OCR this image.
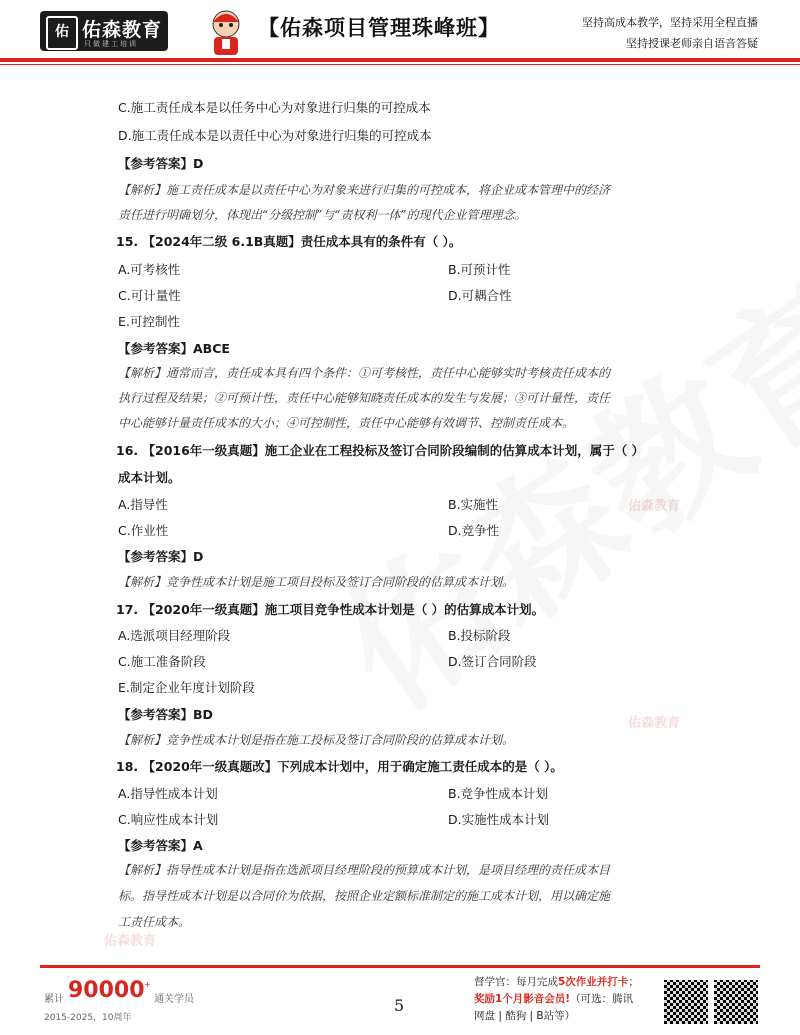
佑 佑森教育
只做建工培训
【佑森项目管理珠峰班】	坚持高成本教学，坚持采用全程直播
坚持授课老师亲自语音答疑
佑森教育
佑森教育
佑森教育
C.施工责任成本是以任务中心为对象进行归集的可控成本
D.施工责任成本是以责任中心为对象进行归集的可控成本
【参考答案】D
【解析】施工责任成本是以责任中心为对象来进行归集的可控成本，将企业成本管理中的经济
责任进行明确划分，体现出“分级控制”与“责权利一体”的现代企业管理理念。
15. 【2024年二级 6.1B真题】责任成本具有的条件有（ ）。
A.可考核性	B.可预计性
C.可计量性	D.可耦合性
E.可控制性
【参考答案】ABCE
【解析】通常而言，责任成本具有四个条件：①可考核性，责任中心能够实时考核责任成本的
执行过程及结果；②可预计性，责任中心能够知晓责任成本的发生与发展；③可计量性，责任
中心能够计量责任成本的大小；④可控制性，责任中心能够有效调节、控制责任成本。
16. 【2016年一级真题】施工企业在工程投标及签订合同阶段编制的估算成本计划，属于（ ）
成本计划。
A.指导性	B.实施性
C.作业性	D.竞争性
【参考答案】D
【解析】竞争性成本计划是施工项目投标及签订合同阶段的估算成本计划。
17. 【2020年一级真题】施工项目竞争性成本计划是（ ）的估算成本计划。
A.选派项目经理阶段	B.投标阶段
C.施工准备阶段	D.签订合同阶段
E.制定企业年度计划阶段
【参考答案】BD
【解析】竞争性成本计划是指在施工投标及签订合同阶段的估算成本计划。
18. 【2020年一级真题改】下列成本计划中，用于确定施工责任成本的是（ ）。
A.指导性成本计划	B.竞争性成本计划
C.响应性成本计划	D.实施性成本计划
【参考答案】A
【解析】指导性成本计划是指在选派项目经理阶段的预算成本计划，是项目经理的责任成本目
标。指导性成本计划是以合同价为依据，按照企业定额标准制定的施工成本计划，用以确定施
工责任成本。
累计 90000 +
通关学员
2015-2025，10周年
5
督学官：每月完成5次作业并打卡；
奖励1个月影音会员!（可选：腾讯
网盘 | 酷狗 | B站等）
